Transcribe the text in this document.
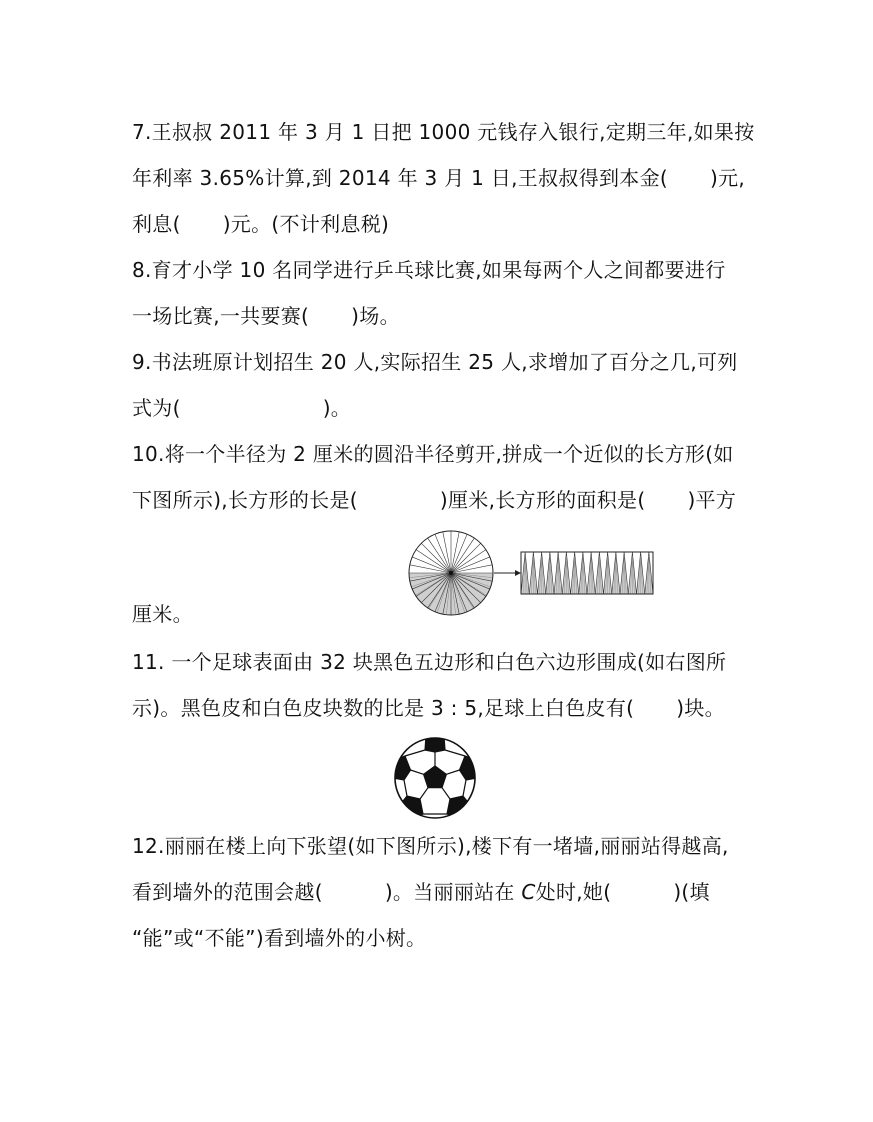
7.王叔叔 2011 年 3 月 1 日把 1000 元钱存入银行,定期三年,如果按
年利率 3.65%计算,到 2014 年 3 月 1 日,王叔叔得到本金( )元,
利息( )元。(不计利息税)
8.育才小学 10 名同学进行乒乓球比赛,如果每两个人之间都要进行
一场比赛,一共要赛( )场。
9.书法班原计划招生 20 人,实际招生 25 人,求增加了百分之几,可列
式为(	)。
10.将一个半径为 2 厘米的圆沿半径剪开,拼成一个近似的长方形(如
下图所示),长方形的长是(	)厘米,长方形的面积是( )平方
厘米。
11. 一个足球表面由 32 块黑色五边形和白色六边形围成(如右图所
示)。黑色皮和白色皮块数的比是 3 : 5,足球上白色皮有( )块。
12.丽丽在楼上向下张望(如下图所示),楼下有一堵墙,丽丽站得越高,
看到墙外的范围会越(	)。当丽丽站在 C处时,她(	)(填
“能”或“不能”)看到墙外的小树。
